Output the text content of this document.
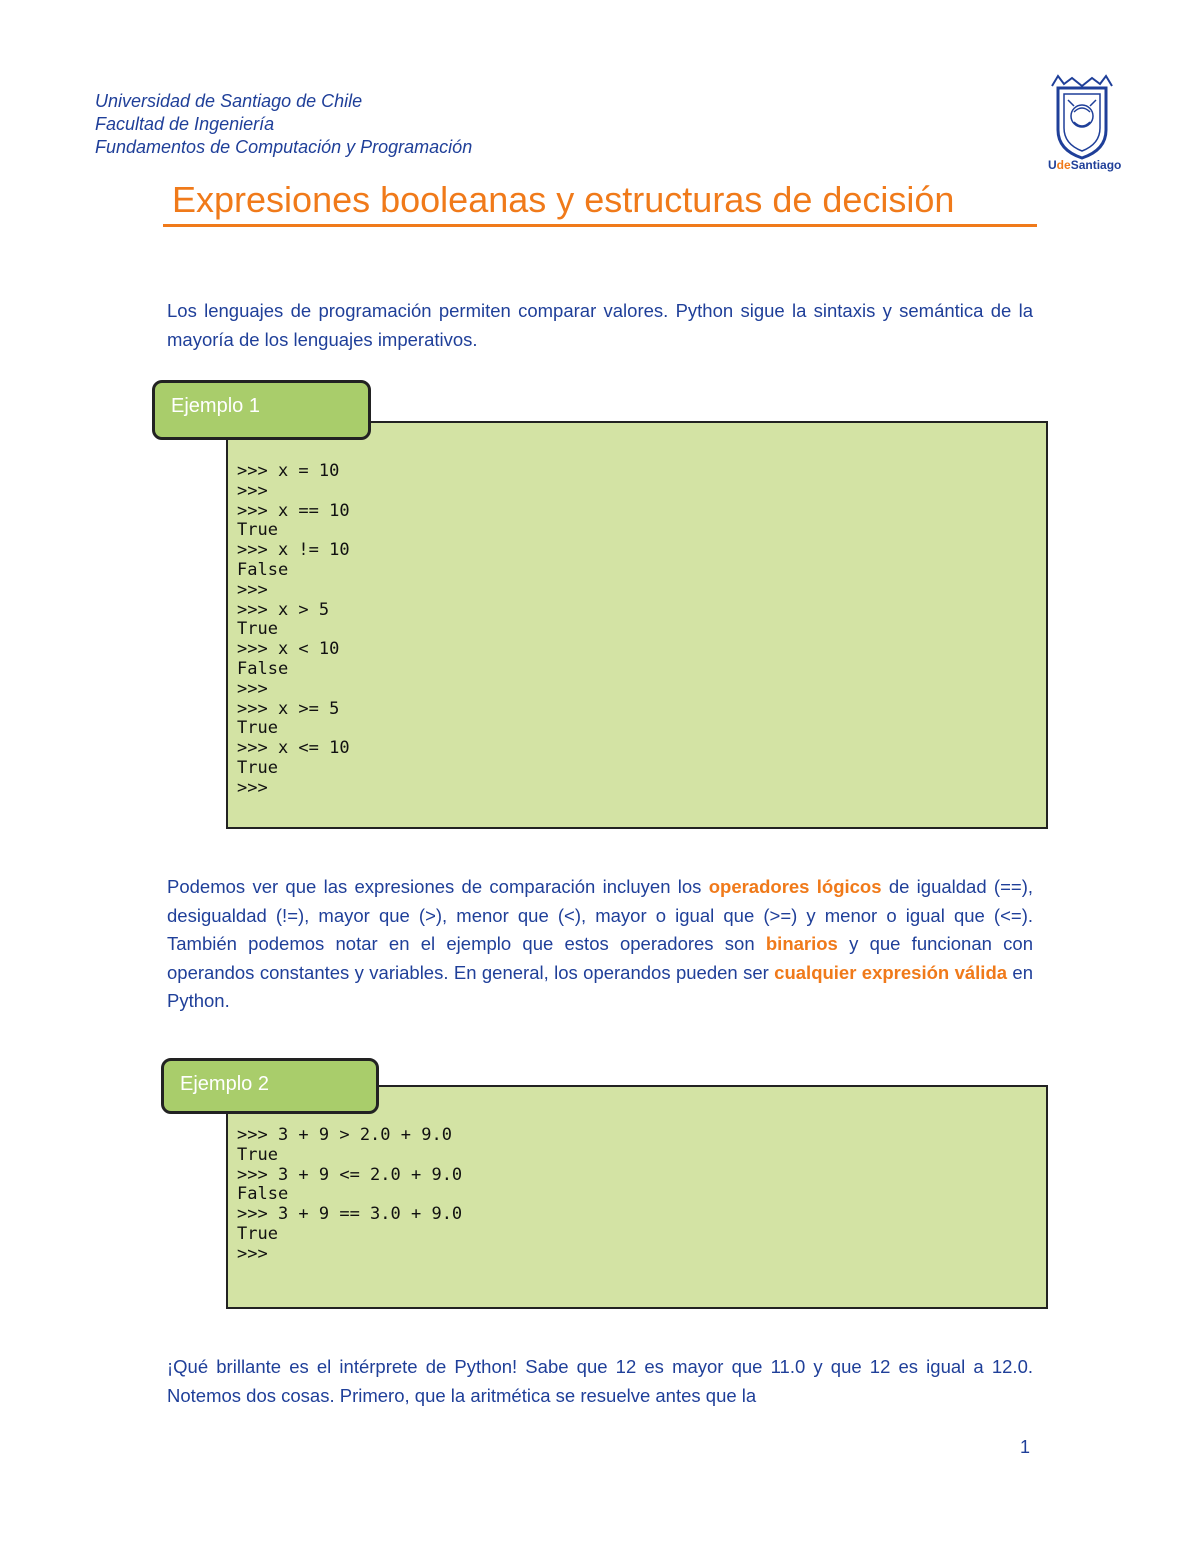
Universidad de Santiago de Chile
Facultad de Ingeniería
Fundamentos de Computación y Programación
UdeSantiago
Expresiones booleanas y estructuras de decisión
Los lenguajes de programación permiten comparar valores. Python sigue la sintaxis y semántica de la mayoría de los lenguajes imperativos.
Ejemplo 1
>>> x = 10
>>>
>>> x == 10
True
>>> x != 10
False
>>>
>>> x > 5
True
>>> x < 10
False
>>>
>>> x >= 5
True
>>> x <= 10
True
>>>
Podemos ver que las expresiones de comparación incluyen los operadores lógicos de igualdad (==), desigualdad (!=), mayor que (>), menor que (<), mayor o igual que (>=) y menor o igual que (<=). También podemos notar en el ejemplo que estos operadores son binarios y que funcionan con operandos constantes y variables. En general, los operandos pueden ser cualquier expresión válida en Python.
Ejemplo 2
>>> 3 + 9 > 2.0 + 9.0
True
>>> 3 + 9 <= 2.0 + 9.0
False
>>> 3 + 9 == 3.0 + 9.0
True
>>>
¡Qué brillante es el intérprete de Python! Sabe que 12 es mayor que 11.0 y que 12 es igual a 12.0. Notemos dos cosas. Primero, que la aritmética se resuelve antes que la
1
